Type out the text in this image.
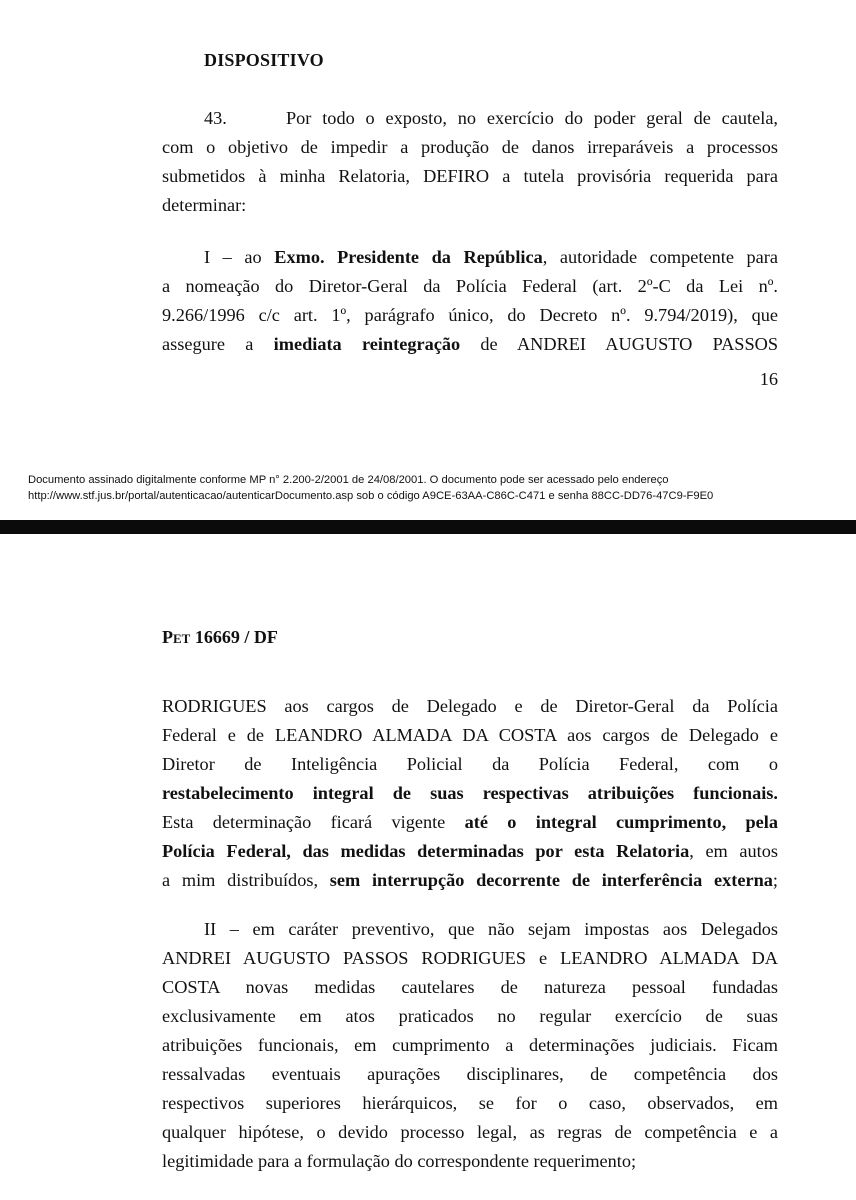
DISPOSITIVO
43.	Por todo o exposto, no exercício do poder geral de cautela,
com o objetivo de impedir a produção de danos irreparáveis a processos
submetidos à minha Relatoria, DEFIRO a tutela provisória requerida para
determinar:
I – ao Exmo. Presidente da República, autoridade competente para
a nomeação do Diretor-Geral da Polícia Federal (art. 2º-C da Lei nº.
9.266/1996 c/c art. 1º, parágrafo único, do Decreto nº. 9.794/2019), que
assegure a imediata reintegração de ANDREI AUGUSTO PASSOS
16
Documento assinado digitalmente conforme MP n° 2.200-2/2001 de 24/08/2001. O documento pode ser acessado pelo endereço
http://www.stf.jus.br/portal/autenticacao/autenticarDocumento.asp sob o código A9CE-63AA-C86C-C471 e senha 88CC-DD76-47C9-F9E0
Pet 16669 / DF
RODRIGUES aos cargos de Delegado e de Diretor-Geral da Polícia
Federal e de LEANDRO ALMADA DA COSTA aos cargos de Delegado e
Diretor de Inteligência Policial da Polícia Federal, com o
restabelecimento integral de suas respectivas atribuições funcionais.
Esta determinação ficará vigente até o integral cumprimento, pela
Polícia Federal, das medidas determinadas por esta Relatoria, em autos
a mim distribuídos, sem interrupção decorrente de interferência externa;
II – em caráter preventivo, que não sejam impostas aos Delegados
ANDREI AUGUSTO PASSOS RODRIGUES e LEANDRO ALMADA DA
COSTA novas medidas cautelares de natureza pessoal fundadas
exclusivamente em atos praticados no regular exercício de suas
atribuições funcionais, em cumprimento a determinações judiciais. Ficam
ressalvadas eventuais apurações disciplinares, de competência dos
respectivos superiores hierárquicos, se for o caso, observados, em
qualquer hipótese, o devido processo legal, as regras de competência e a
legitimidade para a formulação do correspondente requerimento;
